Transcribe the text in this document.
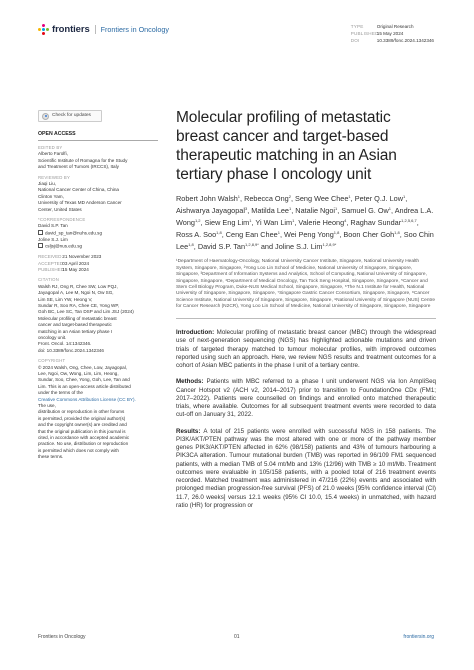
frontiers Frontiers in Oncology	TYPE	Original Research
PUBLISHED15 May 2024
DOI	10.3389/fonc.2024.1342346
Check for updates
OPEN ACCESS
EDITED BY

Alberto Farolfi,

Scientific Institute of Romagna for the Study

and Treatment of Tumors (IRCCS), Italy

REVIEWED BY

Jiaqi Liu,

National Cancer Center of China, China

Clinton Yam,

University of Texas MD Anderson Cancer

Center, United States

*CORRESPONDENCE

David S.P. Tan

david_sp_tan@nuhs.edu.sg

Joline S.J. Lim

csljsj@nus.edu.sg

RECEIVED 21 November 2023

ACCEPTED 03 April 2024

PUBLISHED 15 May 2024

CITATION

Walsh RJ, Ong R, Chee SW, Low PQJ,

Jayagopal A, Lee M, Ngoi N, Ow SG,

Lim SE, Lim YW, Heong V,

Sundar R, Soo RA, Chee CE, Yong WP,

Goh BC, Lee SC, Tan DSP and Lim JSJ (2024)

Molecular profiling of metastatic breast

cancer and target-based therapeutic

matching in an Asian tertiary phase I

oncology unit.

Front. Oncol. 14:1342346.

doi: 10.3389/fonc.2024.1342346

COPYRIGHT

© 2024 Walsh, Ong, Chee, Low, Jayagopal,

Lee, Ngoi, Ow, Wong, Lim, Lim, Heong,

Sundar, Soo, Chee, Yong, Goh, Lee, Tan and

Lim. This is an open-access article distributed

under the terms of the

Creative Commons Attribution License (CC BY).

The use,

distribution or reproduction in other forums

is permitted, provided the original author(s)

and the copyright owner(s) are credited and

that the original publication in this journal is

cited, in accordance with accepted academic

practice. No use, distribution or reproduction

is permitted which does not comply with

these terms.

Molecular profiling of metastatic breast cancer and target-based therapeutic matching in an Asian tertiary phase I oncology unit
Robert John Walsh$^1$, Rebecca Ong$^2$, Seng Wee Chee$^1$, Peter Q.J. Low$^1$, Aishwarya Jayagopal$^3$, Matilda Lee$^1$, Natalie Ngoi$^1$, Samuel G. Ow$^1$, Andrea L.A. Wong$^{1,2}$, Siew Eng Lim$^1$, Yi Wan Lim$^1$, Valerie Heong$^4$, Raghav Sundar$^{1,2,5,6,7}$, Ross A. Soo$^{1,8}$, Ceng Ean Chee$^1$, Wei Peng Yong$^{1,8}$, Boon Cher Goh$^{1,8}$, Soo Chin Lee$^{1,8}$, David S.P. Tan$^{1,2,8,9*}$ and Joline S.J. Lim$^{1,2,8,9*}$
¹Department of Haematology-Oncology, National University Cancer Institute, Singapore, National University Health System, Singapore, Singapore, ²Yong Loo Lin School of Medicine, National University of Singapore, Singapore, Singapore, ³Department of Information Systems and Analytics, School of Computing, National University of Singapore, Singapore, Singapore, ⁴Department of Medical Oncology, Tan Tock Seng Hospital, Singapore, Singapore, ⁵Cancer and Stem Cell Biology Program, Duke-NUS Medical School, Singapore, Singapore, ⁶The N.1 Institute for Health, National University of Singapore, Singapore, Singapore, ⁷Singapore Gastric Cancer Consortium, Singapore, Singapore, ⁸Cancer Science Institute, National University of Singapore, Singapore, Singapore, ⁹National University of Singapore (NUS) Centre for Cancer Research (N2CR), Yong Loo Lin School of Medicine, National University of Singapore, Singapore, Singapore

Introduction: Molecular profiling of metastatic breast cancer (MBC) through the widespread use of next-generation sequencing (NGS) has highlighted actionable mutations and driven trials of targeted therapy matched to tumour molecular profiles, with improved outcomes reported using such an approach. Here, we review NGS results and treatment outcomes for a cohort of Asian MBC patients in the phase I unit of a tertiary centre.

Methods: Patients with MBC referred to a phase I unit underwent NGS via Ion AmpliSeq Cancer Hotspot v2 (ACH v2, 2014–2017) prior to transition to FoundationOne CDx (FM1; 2017–2022). Patients were counselled on findings and enrolled onto matched therapeutic trials, where available. Outcomes for all subsequent treatment events were recorded to data cut-off on January 31, 2022.

Results: A total of 215 patients were enrolled with successful NGS in 158 patients. The PI3K/AKT/PTEN pathway was the most altered with one or more of the pathway member genes PIK3/AKT/PTEN affected in 62% (98/158) patients and 43% of tumours harbouring a PIK3CA alteration. Tumour mutational burden (TMB) was reported in 96/109 FM1 sequenced patients, with a median TMB of 5.04 mt/Mb and 13% (12/96) with TMB ≥ 10 mt/Mb. Treatment outcomes were evaluable in 105/158 patients, with a pooled total of 216 treatment events recorded. Matched treatment was administered in 47/216 (22%) events and associated with prolonged median progression-free survival (PFS) of 21.0 weeks [95% confidence interval (CI) 11.7, 26.0 weeks] versus 12.1 weeks (95% CI 10.0, 15.4 weeks) in unmatched, with hazard ratio (HR) for progression or

Frontiers in Oncology	01	frontiersin.org
